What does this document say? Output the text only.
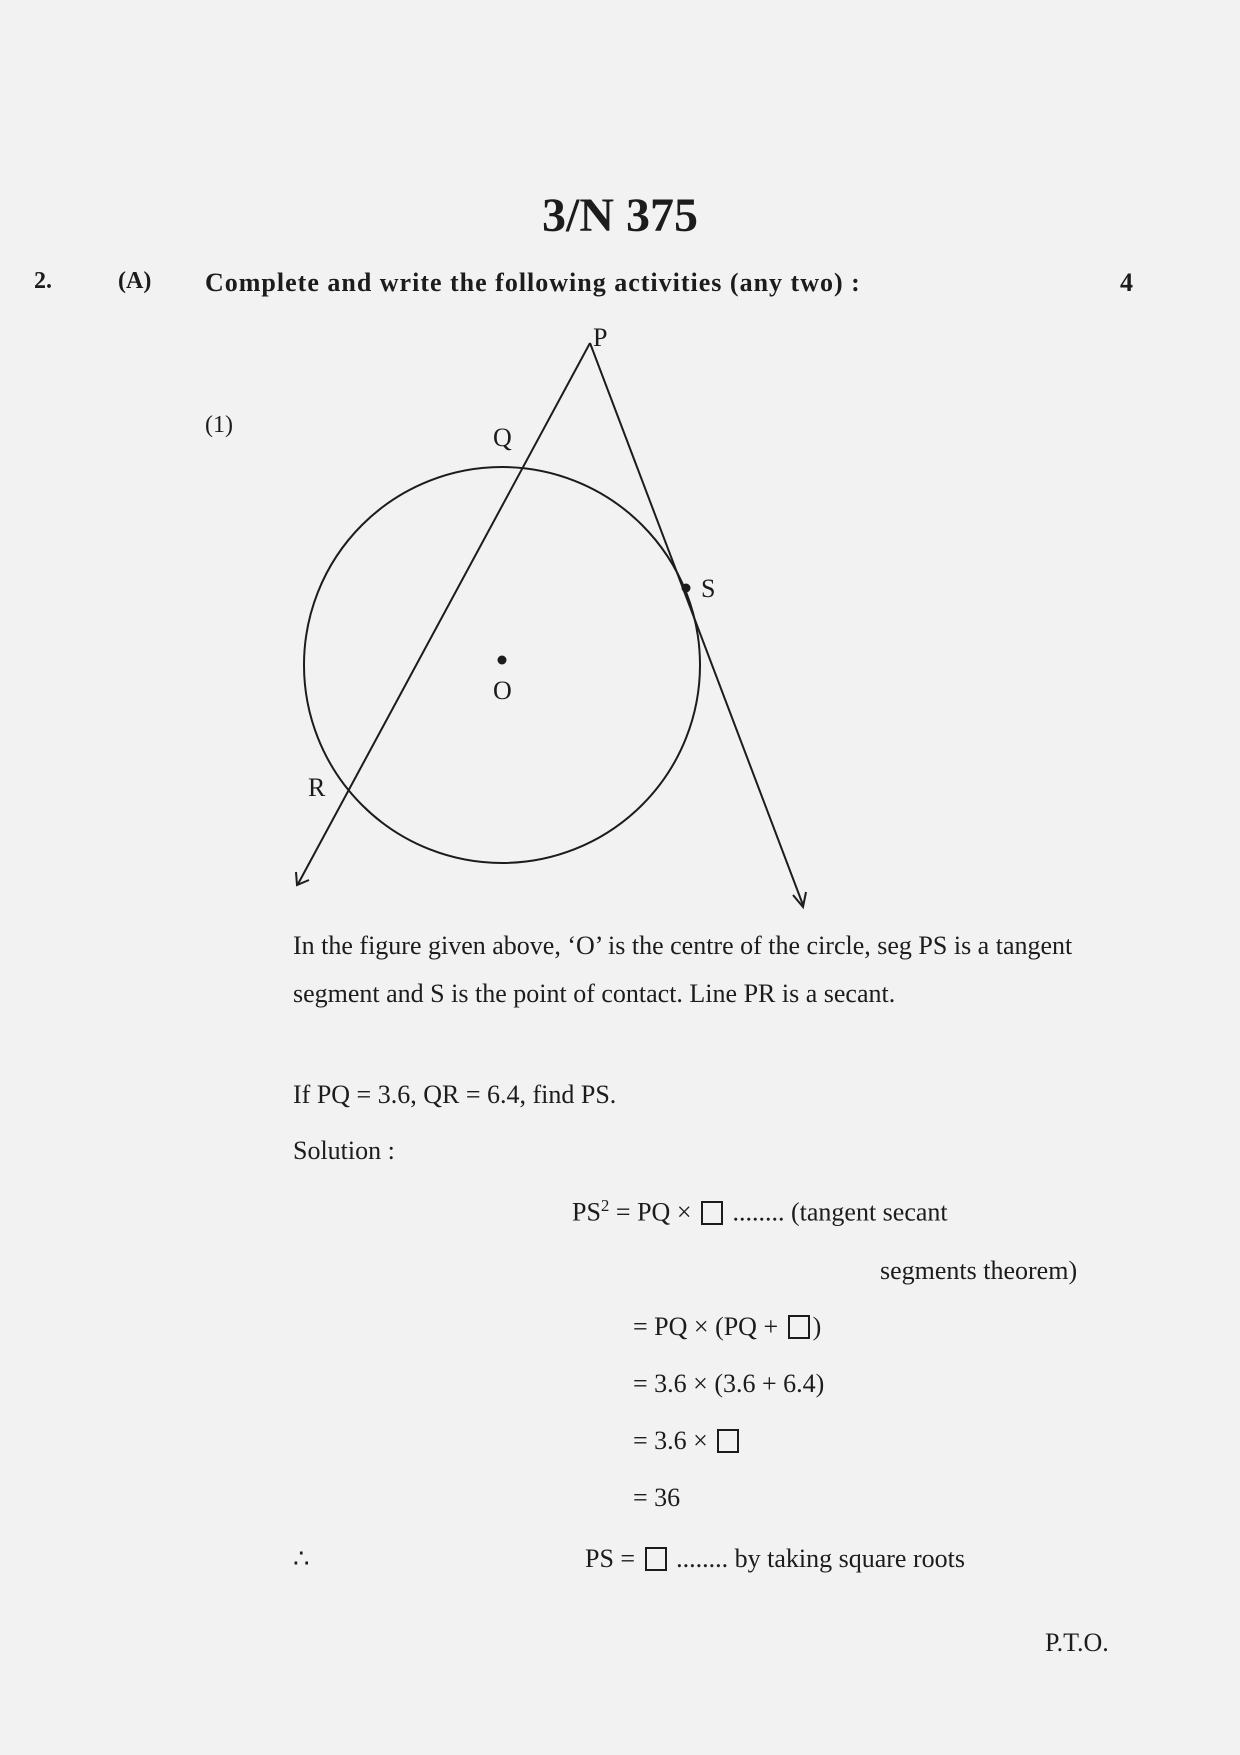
3/N 375
2.	(A) Complete and write the following activities (any two) :	4
(1)
P
Q
S
O
R
In the figure given above, ‘O’ is the centre of the circle, seg PS is a tangent segment and S is the point of contact. Line PR is a secant.
If PQ = 3.6, QR = 6.4, find PS.
Solution :
$PS^2$ = PQ ×  ........ (tangent secant
segments theorem)
= PQ × (PQ + )
= 3.6 × (3.6 + 6.4)
= 3.6 ×
= 36
∴	PS =  ........ by taking square roots
P.T.O.
